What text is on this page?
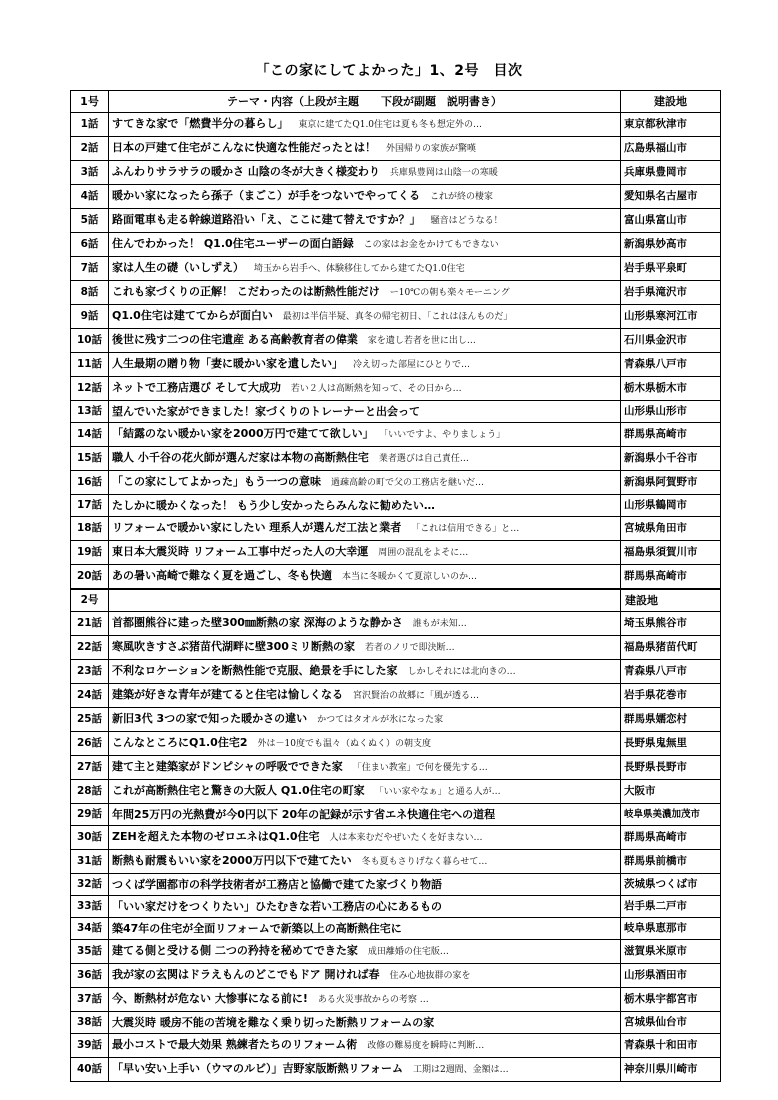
「この家にしてよかった」1、2号　目次
1号	テーマ・内容（上段が主題　　下段が副題　説明書き）	建設地
1話	すてきな家で「燃費半分の暮らし」 東京に建てたQ1.0住宅は夏も冬も想定外の…	東京都秋津市
2話	日本の戸建て住宅がこんなに快適な性能だったとは！ 外国帰りの家族が驚嘆	広島県福山市
3話	ふんわりサラサラの暖かさ 山陰の冬が大きく様変わり 兵庫県豊岡は山陰一の寒暖	兵庫県豊岡市
4話	暖かい家になったら孫子（まごこ）が手をつないでやってくる これが終の棲家	愛知県名古屋市
5話	路面電車も走る幹線道路沿い「え、ここに建て替えですか？」 騒音はどうなる！	富山県富山市
6話	住んでわかった！ Q1.0住宅ユーザーの面白語録 この家はお金をかけてもできない	新潟県妙高市
7話	家は人生の礎（いしずえ） 埼玉から岩手へ、体験移住してから建てたQ1.0住宅	岩手県平泉町
8話	これも家づくりの正解！ こだわったのは断熱性能だけ ー10℃の朝も楽々モーニング	岩手県滝沢市
9話	Q1.0住宅は建ててからが面白い 最初は半信半疑、真冬の帰宅初日、「これはほんものだ」	山形県寒河江市
10話	後世に残す二つの住宅遺産 ある高齢教育者の偉業 家を遺し若者を世に出し…	石川県金沢市
11話	人生最期の贈り物「妻に暖かい家を遺したい」 冷え切った部屋にひとりで…	青森県八戸市
12話	ネットで工務店選び そして大成功 若い２人は高断熱を知って、その日から…	栃木県栃木市
13話	望んでいた家ができました！家づくりのトレーナーと出会って	山形県山形市
14話	「結露のない暖かい家を2000万円で建てて欲しい」 「いいですよ、やりましょう」	群馬県高崎市
15話	職人 小千谷の花火師が選んだ家は本物の高断熱住宅 業者選びは自己責任…	新潟県小千谷市
16話	「この家にしてよかった」もう一つの意味 過疎高齢の町で父の工務店を継いだ…	新潟県阿賀野市
17話	たしかに暖かくなった！ もう少し安かったらみんなに勧めたい…	山形県鶴岡市
18話	リフォームで暖かい家にしたい 理系人が選んだ工法と業者 「これは信用できる」と…	宮城県角田市
19話	東日本大震災時 リフォーム工事中だった人の大幸運 周囲の混乱をよそに…	福島県須賀川市
20話	あの暑い高崎で難なく夏を過ごし、冬も快適 本当に冬暖かくて夏涼しいのか…	群馬県高崎市
2号		建設地
21話	首都圏熊谷に建った壁300㎜断熱の家 深海のような静かさ 誰もが未知…	埼玉県熊谷市
22話	寒風吹きすさぶ猪苗代湖畔に壁300ミリ断熱の家 若者のノリで即決断…	福島県猪苗代町
23話	不利なロケーションを断熱性能で克服、絶景を手にした家 しかしそれには北向きの…	青森県八戸市
24話	建築が好きな青年が建てると住宅は愉しくなる 宮沢賢治の故郷に「風が透る…	岩手県花巻市
25話	新旧3代 3つの家で知った暖かさの違い かつてはタオルが氷になった家	群馬県嬬恋村
26話	こんなところにQ1.0住宅2 外は－10度でも温々（ぬくぬく）の朝支度	長野県鬼無里
27話	建て主と建築家がドンピシャの呼吸でできた家 「住まい教室」で何を優先する…	長野県長野市
28話	これが高断熱住宅と驚きの大阪人 Q1.0住宅の町家 「いい家やなぁ」と通る人が…	大阪市
29話	年間25万円の光熱費が今0円以下 20年の記録が示す省エネ快適住宅への道程	岐阜県美濃加茂市
30話	ZEHを超えた本物のゼロエネはQ1.0住宅 人は本来むだやぜいたくを好まない…	群馬県高崎市
31話	断熱も耐震もいい家を2000万円以下で建てたい 冬も夏もさりげなく暮らせて…	群馬県前橋市
32話	つくば学園都市の科学技術者が工務店と協働で建てた家づくり物語	茨城県つくば市
33話	「いい家だけをつくりたい」ひたむきな若い工務店の心にあるもの	岩手県二戸市
34話	築47年の住宅が全面リフォームで新築以上の高断熱住宅に	岐阜県恵那市
35話	建てる側と受ける側 二つの矜持を秘めてできた家 成田離婚の住宅版…	滋賀県米原市
36話	我が家の玄関はドラえもんのどこでもドア 開ければ春 住み心地抜群の家を	山形県酒田市
37話	今、断熱材が危ない 大惨事になる前に! ある火災事故からの考察 …	栃木県宇都宮市
38話	大震災時 暖房不能の苦境を難なく乗り切った断熱リフォームの家	宮城県仙台市
39話	最小コストで最大効果 熟練者たちのリフォーム術 改修の難易度を瞬時に判断…	青森県十和田市
40話	「早い安い上手い（ウマのルビ）」吉野家版断熱リフォーム 工期は2週間、金額は…	神奈川県川崎市
